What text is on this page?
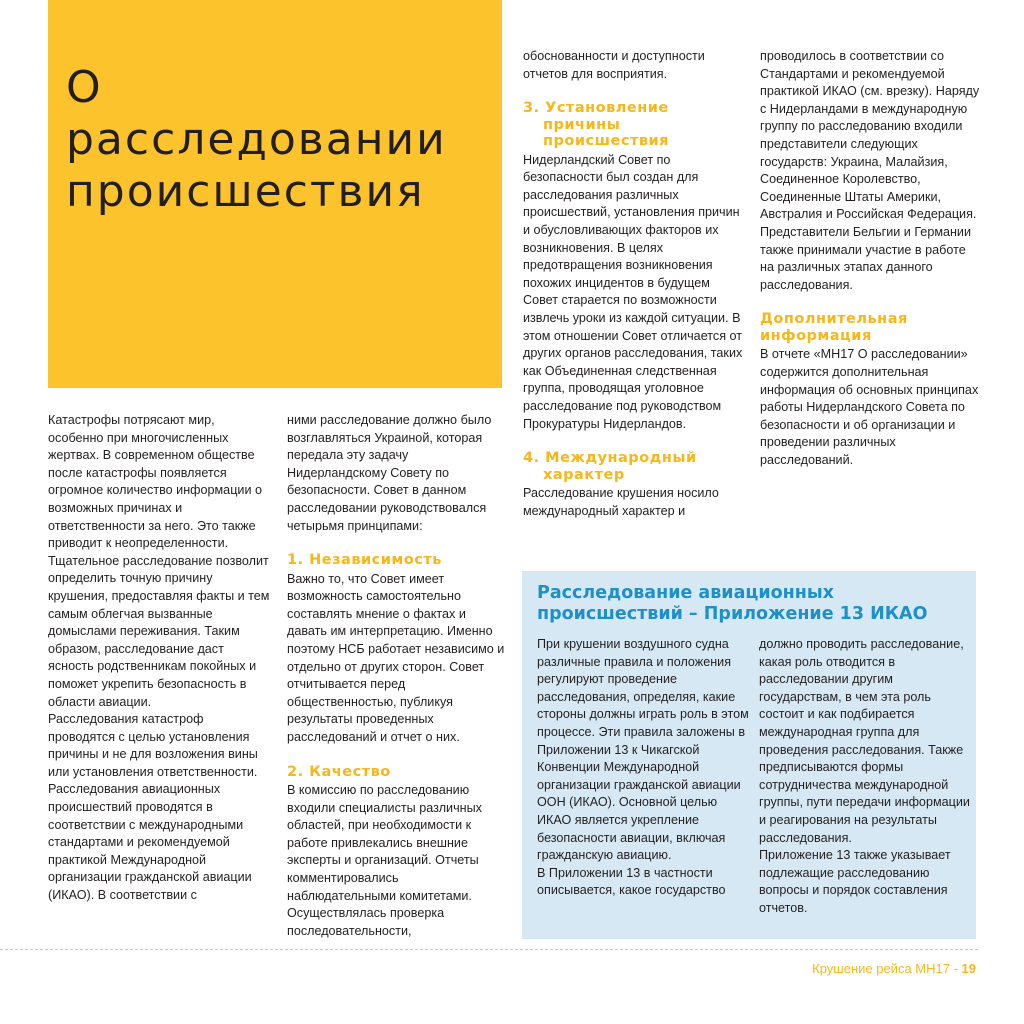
О расследовании происшествия

Катастрофы потрясают мир, особенно при многочисленных жертвах. В современном обществе после катастрофы появляется огромное количество информации о возможных причинах и ответственности за него. Это также приводит к неопределенности. Тщательное расследование позволит определить точную причину крушения, предоставляя факты и тем самым облегчая вызванные домыслами переживания. Таким образом, расследование даст ясность родственникам покойных и поможет укрепить безопасность в области авиации.

Расследования катастроф проводятся с целью установления причины и не для возложения вины или установления ответственности.

Расследования авиационных происшествий проводятся в соответствии с международными стандартами и рекомендуемой практикой Международной организации гражданской авиации (ИКАО). В соответствии с

ними расследование должно было возглавляться Украиной, которая передала эту задачу Нидерландскому Совету по безопасности. Совет в данном расследовании руководствовался четырьмя принципами:

1. Независимость

Важно то, что Совет имеет возможность самостоятельно составлять мнение о фактах и давать им интерпретацию. Именно поэтому НСБ работает независимо и отдельно от других сторон. Совет отчитывается перед общественностью, публикуя результаты проведенных расследований и отчет о них.

2. Качество

В комиссию по расследованию входили специалисты различных областей, при необходимости к работе привлекались внешние эксперты и организаций. Отчеты комментировались наблюдательными комитетами. Осуществлялась проверка последовательности,

обоснованности и доступности отчетов для восприятия.

3. Установление причины происшествия

Нидерландский Совет по безопасности был создан для расследования различных происшествий, установления причин и обусловливающих факторов их возникновения. В целях предотвращения возникновения похожих инцидентов в будущем Совет старается по возможности извлечь уроки из каждой ситуации. В этом отношении Совет отличается от других органов расследования, таких как Объединенная следственная группа, проводящая уголовное расследование под руководством Прокуратуры Нидерландов.

4. Международный характер

Расследование крушения носило международный характер и

проводилось в соответствии со Стандартами и рекомендуемой практикой ИКАО (см. врезку). Наряду с Нидерландами в международную группу по расследованию входили представители следующих государств: Украина, Малайзия, Соединенное Королевство, Соединенные Штаты Америки, Австралия и Российская Федерация. Представители Бельгии и Германии также принимали участие в работе на различных этапах данного расследования.

Дополнительная информация

В отчете «MH17 О расследовании» содержится дополнительная информация об основных принципах работы Нидерландского Совета по безопасности и об организации и проведении различных расследований.

Расследование авиационных происшествий – Приложение 13 ИКАО

При крушении воздушного судна различные правила и положения регулируют проведение расследования, определяя, какие стороны должны играть роль в этом процессе. Эти правила заложены в Приложении 13 к Чикагской Конвенции Международной организации гражданской авиации ООН (ИКАО). Основной целью ИКАО является укрепление безопасности авиации, включая гражданскую авиацию.

В Приложении 13 в частности описывается, какое государство

должно проводить расследование, какая роль отводится в расследовании другим государствам, в чем эта роль состоит и как подбирается международная группа для проведения расследования. Также предписываются формы сотрудничества международной группы, пути передачи информации и реагирования на результаты расследования.

Приложение 13 также указывает подлежащие расследованию вопросы и порядок составления отчетов.

Крушение рейса MH17 - 19
